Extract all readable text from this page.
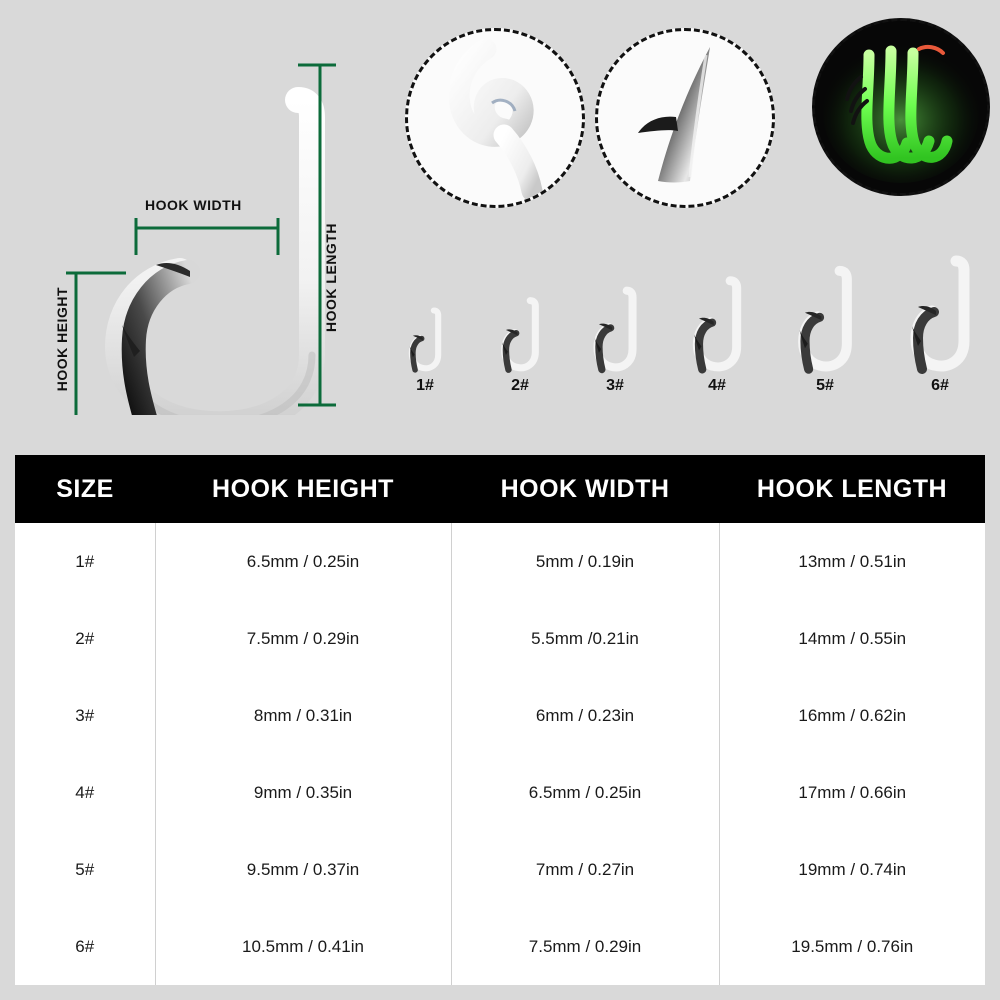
HOOK HEIGHT
HOOK WIDTH
HOOK LENGTH
1#	2#	3#	4#	5#	6#
SIZE	HOOK HEIGHT	HOOK WIDTH	HOOK LENGTH
1#	6.5mm / 0.25in	5mm / 0.19in	13mm / 0.51in
2#	7.5mm / 0.29in	5.5mm /0.21in	14mm / 0.55in
3#	8mm / 0.31in	6mm / 0.23in	16mm / 0.62in
4#	9mm / 0.35in	6.5mm / 0.25in	17mm / 0.66in
5#	9.5mm / 0.37in	7mm / 0.27in	19mm / 0.74in
6#	10.5mm / 0.41in	7.5mm / 0.29in	19.5mm / 0.76in
